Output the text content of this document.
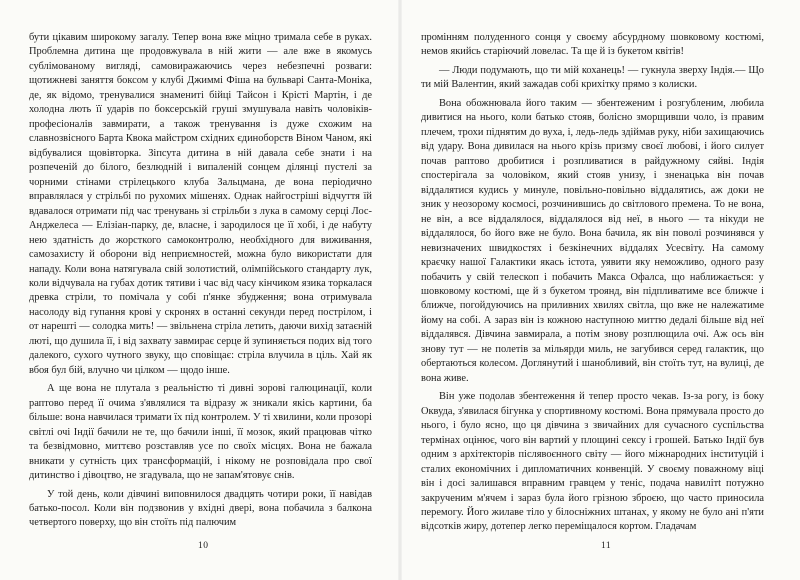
бути цікавим широкому загалу. Тепер вона вже міцно тримала себе в руках. Проблемна дитина ще продовжувала в ній жити — але вже в якомусь сублімованому вигляді, самовиражаючись через небезпечні розваги: щотижневі заняття боксом у клубі Джиммі Фіша на бульварі Санта-Моніка, де, як відомо, тренувалися знамениті бійці Тайсон і Крісті Мартін, і де холодна лють її ударів по боксерській груші змушувала навіть чоловіків-професіоналів завмирати, а також тренування із дуже схожим на славнозвісного Барта Квока майстром східних єдиноборств Віном Чаном, які відбувалися щовівторка. Зіпсута дитина в ній давала себе знати і на розпеченій до білого, безлюдній і випаленій сонцем ділянці пустелі за чорними стінами стрілецького клуба Зальцмана, де вона періодично вправлялася у стрільбі по рухомих мішенях. Однак найгострішi відчуття їй вдавалося отримати під час тренувань зі стрільби з лука в самому серці Лос-Анджелеса — Елізіан-парку, де, власне, і зародилося це її хобі, і де набуту нею здатність до жорсткого самоконтролю, необхідного для виживання, самозахисту й оборони від неприємностей, можна було використати для нападу. Коли вона натягувала свій золотистий, олімпійського стандарту лук, коли відчувала на губах дотик тятиви і час від часу кінчиком язика торкалася древка стріли, то помічала у собі п'янке збудження; вона отримувала насолоду від гупання крові у скронях в останні секунди перед пострілом, і от нарешті — солодка мить! — звільнена стріла летить, даючи вихід затаєній люті, що душила її, і від захвату завмирає серце й зупиняється подих від того далекого, сухого чутного звуку, що сповіщає: стріла влучила в ціль. Хай як вбоя бул бій, влучно чи цілком — щодо інше.

А ще вона не плутала з реальністю ті дивні зорові галюцинації, коли раптово перед її очима з'являлися та відразу ж зникали якісь картини, ба більше: вона навчилася тримати їх під контролем. У ті хвилини, коли прозорі світлі очі Індії бачили не те, що бачили інші, її мозок, який працював чітко та безвідмовно, миттєво розставляв усе по своїх місцях. Вона не бажала вникати у сутність цих трансформацій, і нікому не розповідала про свої дитинство і дівоцтво, не згадувала, що не запам'ятовує снів.

У той день, коли дівчині виповнилося двадцять чотири роки, її навідав батько-посол. Коли він подзвонив у вхідні двері, вона побачила з балкона четвертого поверху, що він стоїть під палючим

10

промінням полуденного сонця у своєму абсурдному шовковому костюмі, немов якийсь старіючий ловелас. Та ще й із букетом квітів!

— Люди подумають, що ти мій коханець! — гукнула зверху Індія.— Що ти мій Валентин, який зажадав собі крихітку прямо з колиски.

Вона обожнювала його таким — збентеженим і розгубленим, любила дивитися на нього, коли батько стояв, болісно зморщивши чоло, із правим плечем, трохи піднятим до вуха, і, ледь-ледь здіймав руку, ніби захищаючись від удару. Вона дивилася на нього крізь призму своєї любові, і його силует почав раптово дробитися і розпливатися в райдужному сяйві. Індія спостерігала за чоловіком, який стояв унизу, і зненацька він почав віддалятися кудись у минуле, повільно-повільно віддалятись, аж доки не зник у неозорому космосі, розчинившись до світлового премена. То не вона, не він, а все віддалялося, віддалялося від неї, в нього — та нікуди не віддалялося, бо його вже не було. Вона бачила, як він поволі розчинявся у невизначених швидкостях і безкінечних віддалях Усесвіту. На самому краєчку нашої Галактики якась істота, уявити яку неможливо, одного разу побачить у свій телескоп і побачить Макса Офалса, що наближається: у шовковому костюмі, ще й з букетом троянд, він підпливатиме все ближче і ближче, погойдуючись на приливних хвилях світла, що вже не належатиме йому на собі. А зараз він із кожною наступною миттю дедалі більше від неї віддалявся. Дівчина завмирала, а потім знову розплющила очі. Аж ось він знову тут — не полетів за мільярди миль, не загубився серед галактик, що обертаються колесом. Доглянутий і шанобливий, він стоїть тут, на вулиці, де вона живе.

Він уже подолав збентеження й тепер просто чекав. Із-за рогу, із боку Оквуда, з'явилася бігунка у спортивному костюмі. Вона прямувала просто до нього, і було ясно, що ця дівчина з звичайних для сучасного суспільства термінах оцінює, чого він вартий у площині сексу і грошей. Батько Індії був одним з архітекторів післявоєнного світу — його міжнародних інституцій і сталих економічних і дипломатичних конвенцій. У своєму поважному віці він і досі залишався вправним гравцем у теніс, подача навилітt потужно закрученим м'ячем і зараз була його грізною зброєю, що часто приносила перемогу. Його жилаве тіло у білосніжних штанах, у якому не було ані п'яти відсотків жиру, дотепер легко переміщалося кортом. Гладачам

11
